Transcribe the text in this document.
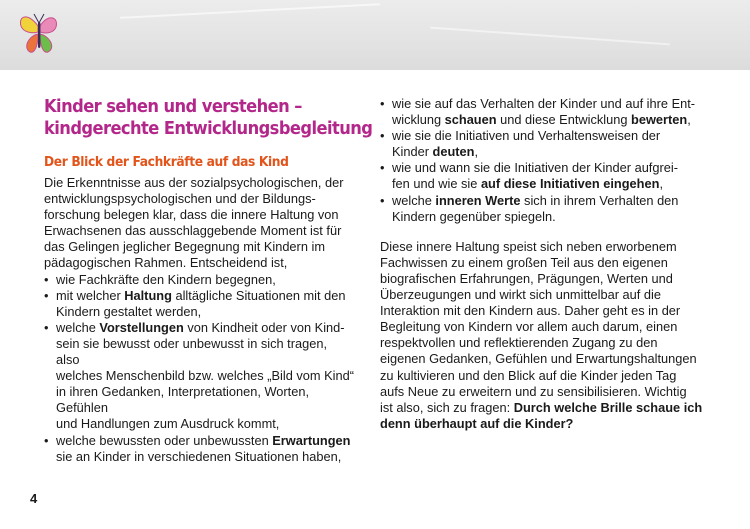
Kinder sehen und verstehen –
kindgerechte Entwicklungsbegleitung
Der Blick der Fachkräfte auf das Kind
Die Erkenntnisse aus der sozialpsychologischen, der
entwicklungspsychologischen und der Bildungs-
forschung belegen klar, dass die innere Haltung von
Erwachsenen das ausschlaggebende Moment ist für
das Gelingen jeglicher Begegnung mit Kindern im
pädagogischen Rahmen. Entscheidend ist,
• wie Fachkräfte den Kindern begegnen,
• mit welcher Haltung alltägliche Situationen mit den
Kindern gestaltet werden,
• welche Vorstellungen von Kindheit oder von Kind-
sein sie bewusst oder unbewusst in sich tragen, also
welches Menschenbild bzw. welches „Bild vom Kind“
in ihren Gedanken, Interpretationen, Worten, Gefühlen
und Handlungen zum Ausdruck kommt,
• welche bewussten oder unbewussten Erwartungen
sie an Kinder in verschiedenen Situationen haben,
• wie sie auf das Verhalten der Kinder und auf ihre Ent-
wicklung schauen und diese Entwicklung bewerten,
• wie sie die Initiativen und Verhaltensweisen der
Kinder deuten,
• wie und wann sie die Initiativen der Kinder aufgrei-
fen und wie sie auf diese Initiativen eingehen,
• welche inneren Werte sich in ihrem Verhalten den
Kindern gegenüber spiegeln.
Diese innere Haltung speist sich neben erworbenem
Fachwissen zu einem großen Teil aus den eigenen
biografischen Erfahrungen, Prägungen, Werten und
Überzeugungen und wirkt sich unmittelbar auf die
Interaktion mit den Kindern aus. Daher geht es in der
Begleitung von Kindern vor allem auch darum, einen
respektvollen und reflektierenden Zugang zu den
eigenen Gedanken, Gefühlen und Erwartungshaltungen
zu kultivieren und den Blick auf die Kinder jeden Tag
aufs Neue zu erweitern und zu sensibilisieren. Wichtig
ist also, sich zu fragen: Durch welche Brille schaue ich
denn überhaupt auf die Kinder?
4
